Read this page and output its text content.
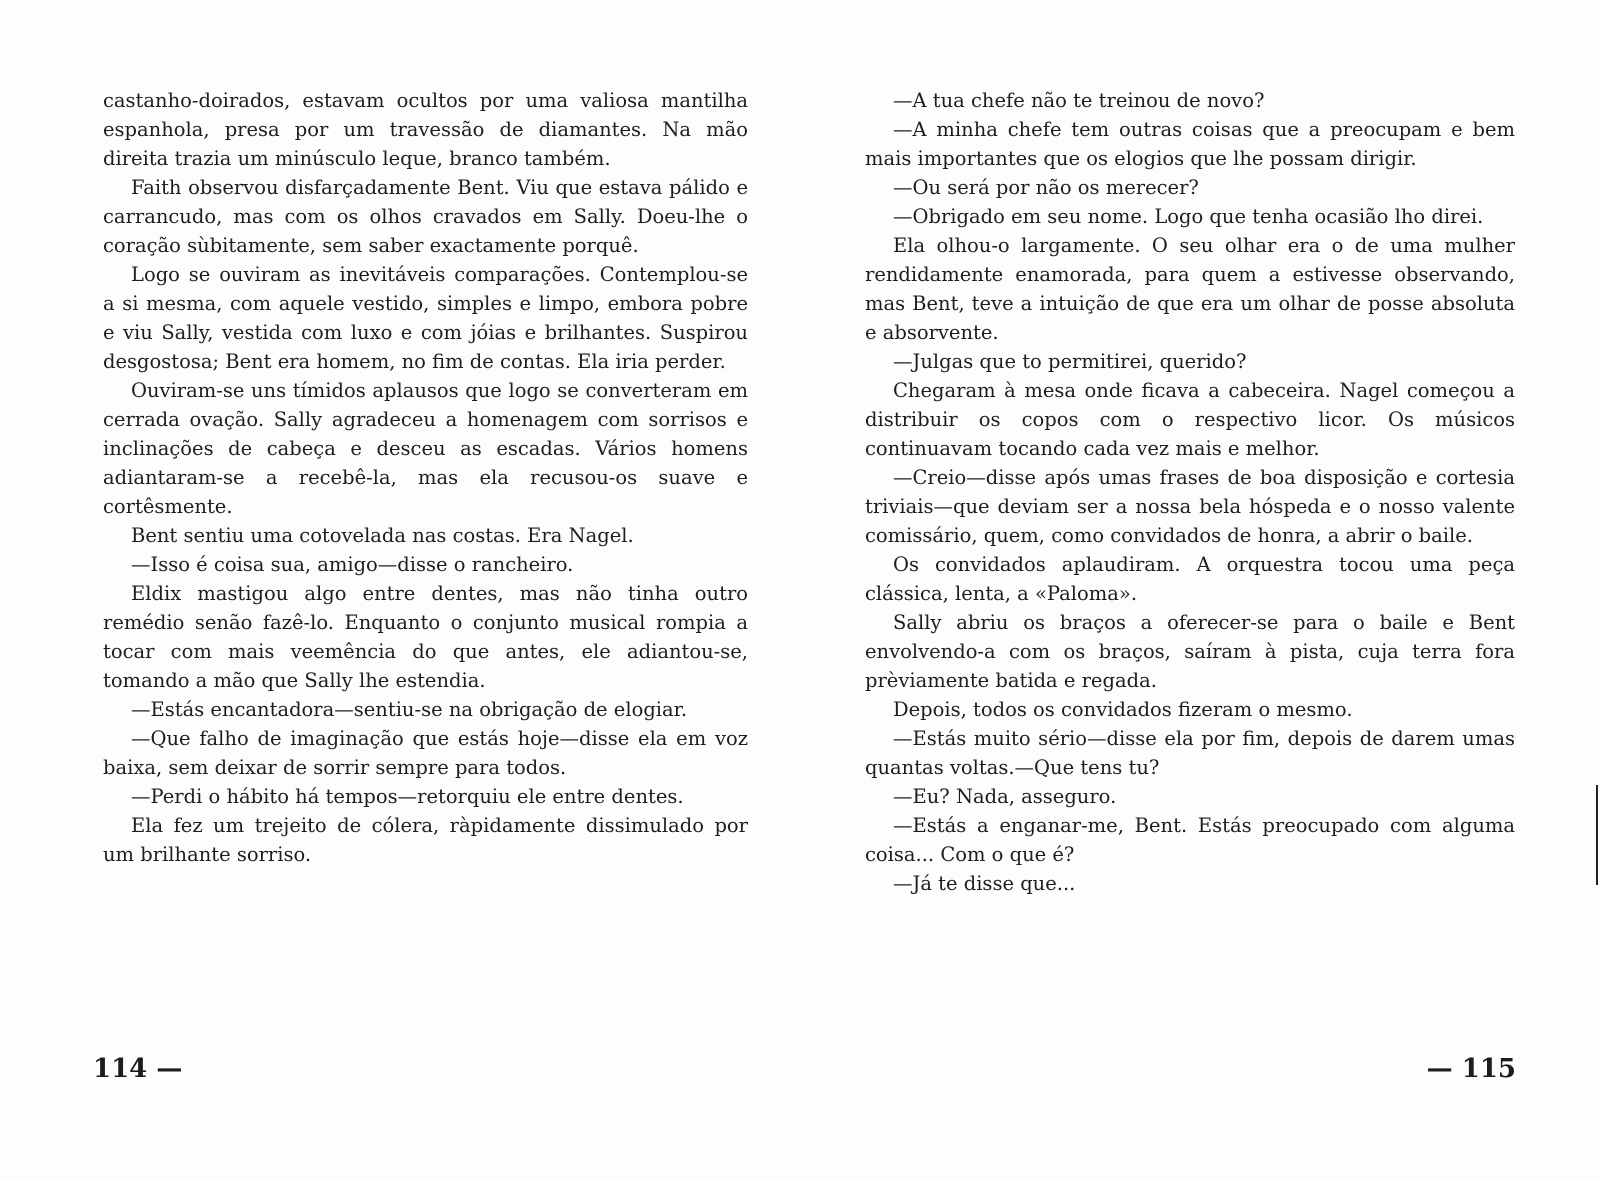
castanho-doirados, estavam ocultos por uma valiosa mantilha espanhola, presa por um travessão de diamantes. Na mão direita trazia um minúsculo leque, branco também.

Faith observou disfarçadamente Bent. Viu que estava pálido e carrancudo, mas com os olhos cravados em Sally. Doeu-lhe o coração sùbitamente, sem saber exactamente porquê.

Logo se ouviram as inevitáveis comparações. Contemplou-se a si mesma, com aquele vestido, simples e limpo, embora pobre e viu Sally, vestida com luxo e com jóias e brilhantes. Suspirou desgostosa; Bent era homem, no fim de contas. Ela iria perder.

Ouviram-se uns tímidos aplausos que logo se converteram em cerrada ovação. Sally agradeceu a homenagem com sorrisos e inclinações de cabeça e desceu as escadas. Vários homens adiantaram-se a recebê-la, mas ela recusou-os suave e cortêsmente.

Bent sentiu uma cotovelada nas costas. Era Nagel.

—Isso é coisa sua, amigo—disse o rancheiro.

Eldix mastigou algo entre dentes, mas não tinha outro remédio senão fazê-lo. Enquanto o conjunto musical rompia a tocar com mais veemência do que antes, ele adiantou-se, tomando a mão que Sally lhe estendia.

—Estás encantadora—sentiu-se na obrigação de elogiar.

—Que falho de imaginação que estás hoje—disse ela em voz baixa, sem deixar de sorrir sempre para todos.

—Perdi o hábito há tempos—retorquiu ele entre dentes.

Ela fez um trejeito de cólera, ràpidamente dissimulado por um brilhante sorriso.

114 —

—A tua chefe não te treinou de novo?

—A minha chefe tem outras coisas que a preocupam e bem mais importantes que os elogios que lhe possam dirigir.

—Ou será por não os merecer?

—Obrigado em seu nome. Logo que tenha ocasião lho direi.

Ela olhou-o largamente. O seu olhar era o de uma mulher rendidamente enamorada, para quem a estivesse observando, mas Bent, teve a intuição de que era um olhar de posse absoluta e absorvente.

—Julgas que to permitirei, querido?

Chegaram à mesa onde ficava a cabeceira. Nagel começou a distribuir os copos com o respectivo licor. Os músicos continuavam tocando cada vez mais e melhor.

—Creio—disse após umas frases de boa disposição e cortesia triviais—que deviam ser a nossa bela hóspeda e o nosso valente comissário, quem, como convidados de honra, a abrir o baile.

Os convidados aplaudiram. A orquestra tocou uma peça clássica, lenta, a «Paloma».

Sally abriu os braços a oferecer-se para o baile e Bent envolvendo-a com os braços, saíram à pista, cuja terra fora prèviamente batida e regada.

Depois, todos os convidados fizeram o mesmo.

—Estás muito sério—disse ela por fim, depois de darem umas quantas voltas.—Que tens tu?

—Eu? Nada, asseguro.

—Estás a enganar-me, Bent. Estás preocupado com alguma coisa... Com o que é?

—Já te disse que...

— 115
